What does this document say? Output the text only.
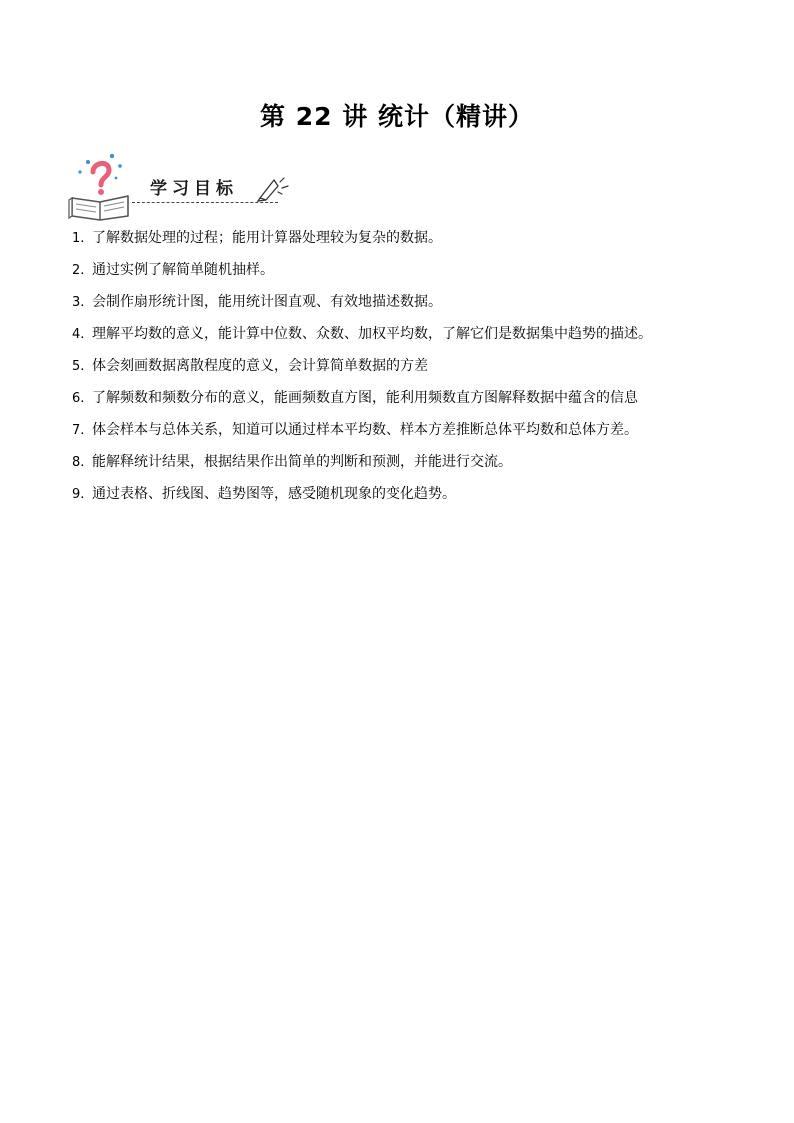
第 22 讲 统计（精讲）
学习目标
1. 了解数据处理的过程；能用计算器处理较为复杂的数据。
2. 通过实例了解简单随机抽样。
3. 会制作扇形统计图，能用统计图直观、有效地描述数据。
4. 理解平均数的意义，能计算中位数、众数、加权平均数，了解它们是数据集中趋势的描述。
5. 体会刻画数据离散程度的意义，会计算简单数据的方差
6. 了解频数和频数分布的意义，能画频数直方图，能利用频数直方图解释数据中蕴含的信息
7. 体会样本与总体关系，知道可以通过样本平均数、样本方差推断总体平均数和总体方差。
8. 能解释统计结果，根据结果作出简单的判断和预测，并能进行交流。
9. 通过表格、折线图、趋势图等，感受随机现象的变化趋势。
